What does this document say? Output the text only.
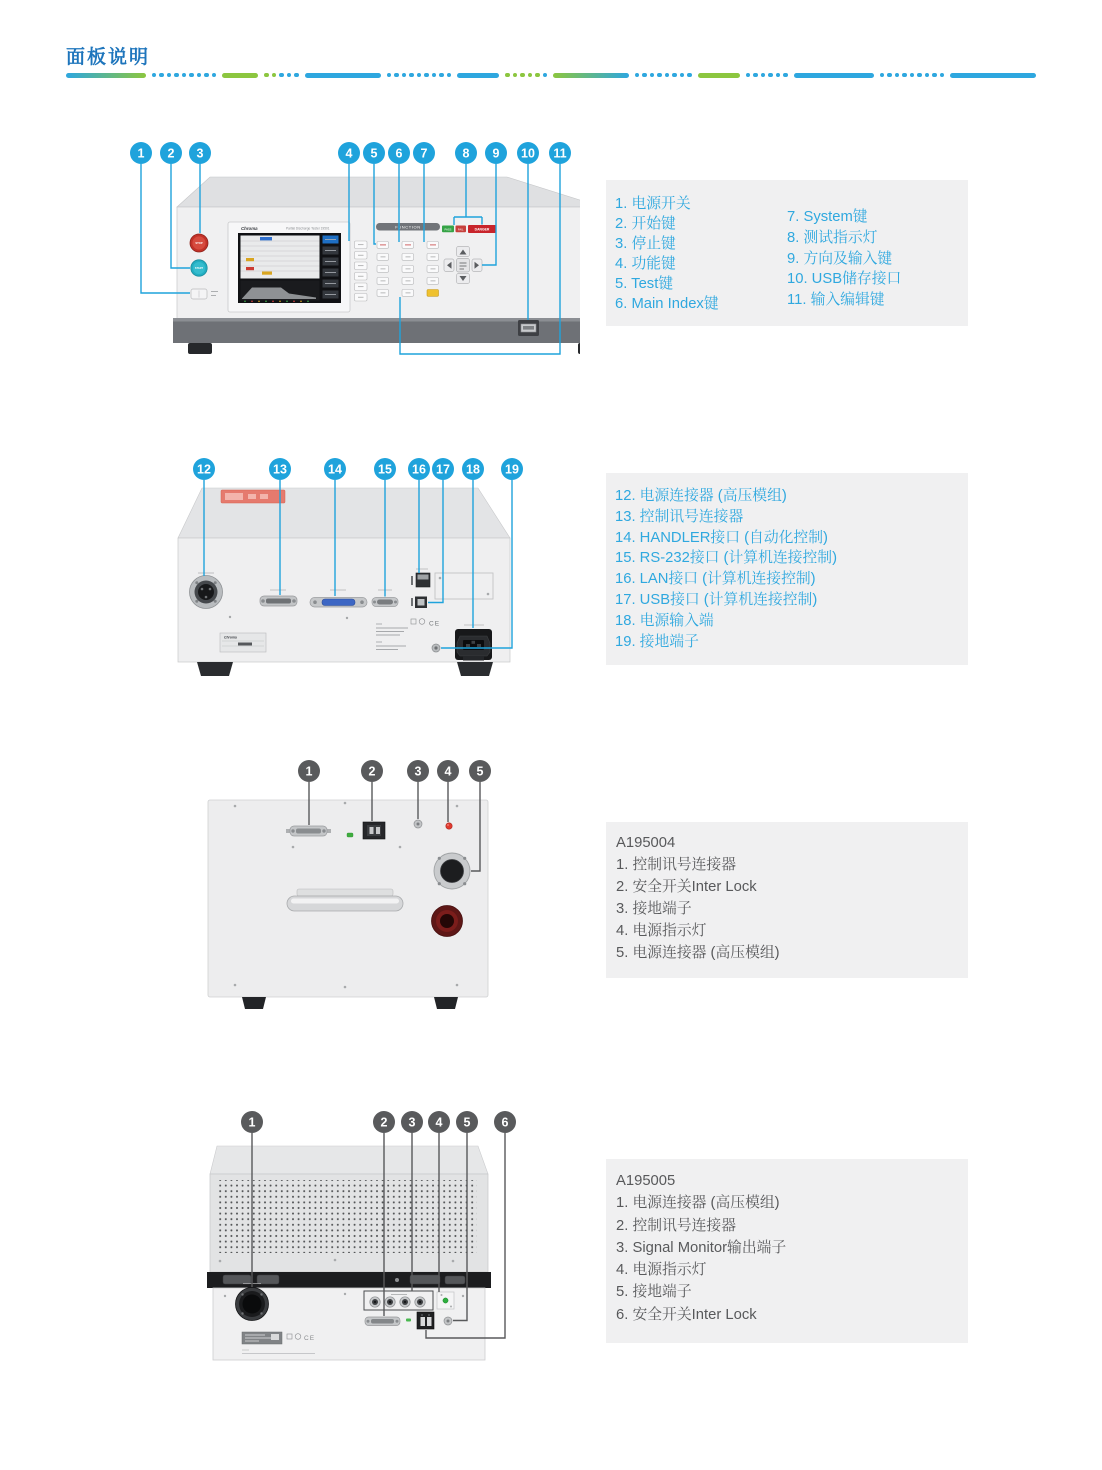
面板说明
STOP
START
Chroma	Partial Discharge Tester 19501	FUNCTION
PASS FAIL	DANGER
1 2 3	4 5 6 7	8 9 10 11
1. 电源开关
2. 开始键
3. 停止键
4. 功能键
5. Test键
6. Main Index键
7. System键
8. 测试指示灯
9. 方向及输入键
10. USB储存接口
11. 输入编辑键
Chroma
CE
12	13	14	15 16 17 18 19
12. 电源连接器 (高压模组)
13. 控制讯号连接器
14. HANDLER接口 (自动化控制)
15. RS-232接口 (计算机连接控制)
16. LAN接口 (计算机连接控制)
17. USB接口 (计算机连接控制)
18. 电源输入端
19. 接地端子
1	2	3 4 5
A195004
1. 控制讯号连接器
2. 安全开关Inter Lock
3. 接地端子
4. 电源指示灯
5. 电源连接器 (高压模组)
CE
1	2 3 4 5 6
A195005
1. 电源连接器 (高压模组)
2. 控制讯号连接器
3. Signal Monitor输出端子
4. 电源指示灯
5. 接地端子
6. 安全开关Inter Lock
